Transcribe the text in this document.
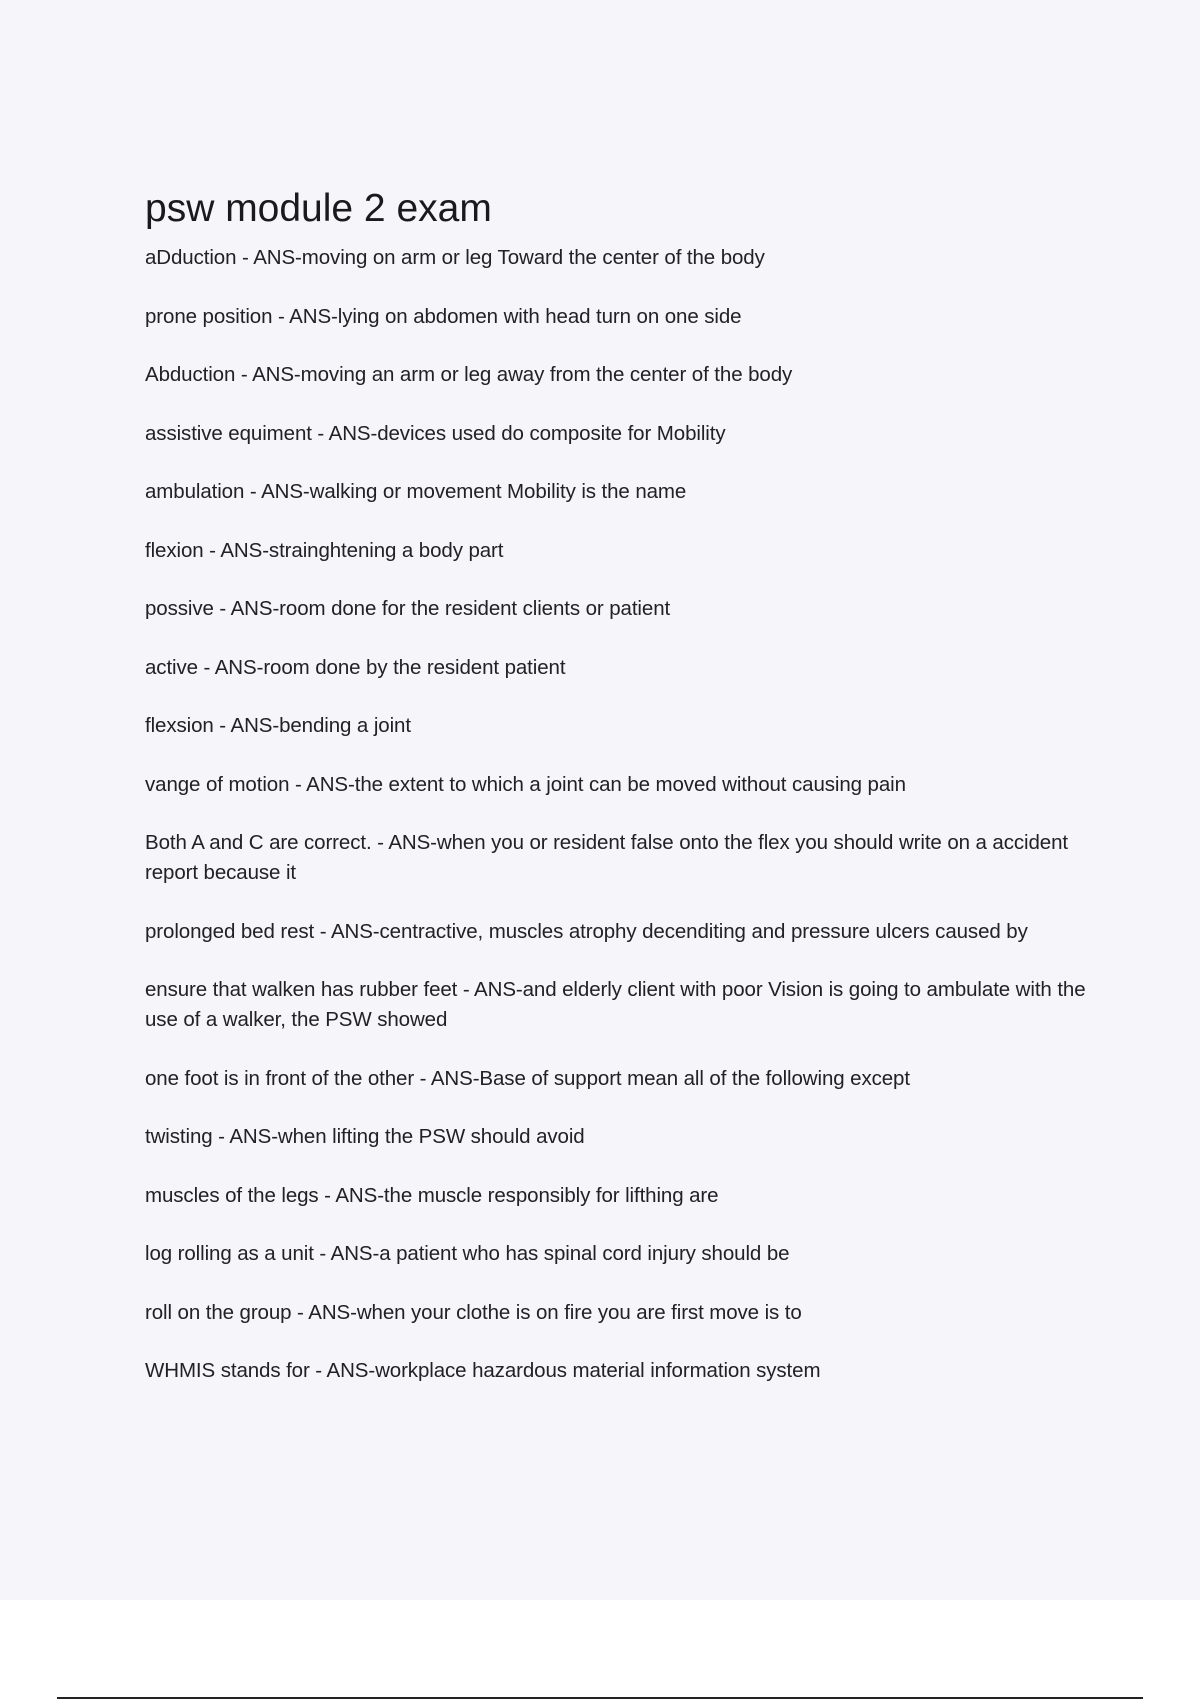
psw module 2 exam
aDduction - ANS-moving on arm or leg Toward the center of the body
prone position - ANS-lying on abdomen with head turn on one side
Abduction - ANS-moving an arm or leg away from the center of the body
assistive equiment - ANS-devices used do composite for Mobility
ambulation - ANS-walking or movement Mobility is the name
flexion - ANS-strainghtening a body part
possive - ANS-room done for the resident clients or patient
active - ANS-room done by the resident patient
flexsion - ANS-bending a joint
vange of motion - ANS-the extent to which a joint can be moved without causing pain
Both A and C are correct. - ANS-when you or resident false onto the flex you should write on a accident report because it
prolonged bed rest - ANS-centractive, muscles atrophy decenditing and pressure ulcers caused by
ensure that walken has rubber feet - ANS-and elderly client with poor Vision is going to ambulate with the use of a walker, the PSW showed
one foot is in front of the other - ANS-Base of support mean all of the following except
twisting - ANS-when lifting the PSW should avoid
muscles of the legs - ANS-the muscle responsibly for lifthing are
log rolling as a unit - ANS-a patient who has spinal cord injury should be
roll on the group - ANS-when your clothe is on fire you are first move is to
WHMIS stands for - ANS-workplace hazardous material information system
